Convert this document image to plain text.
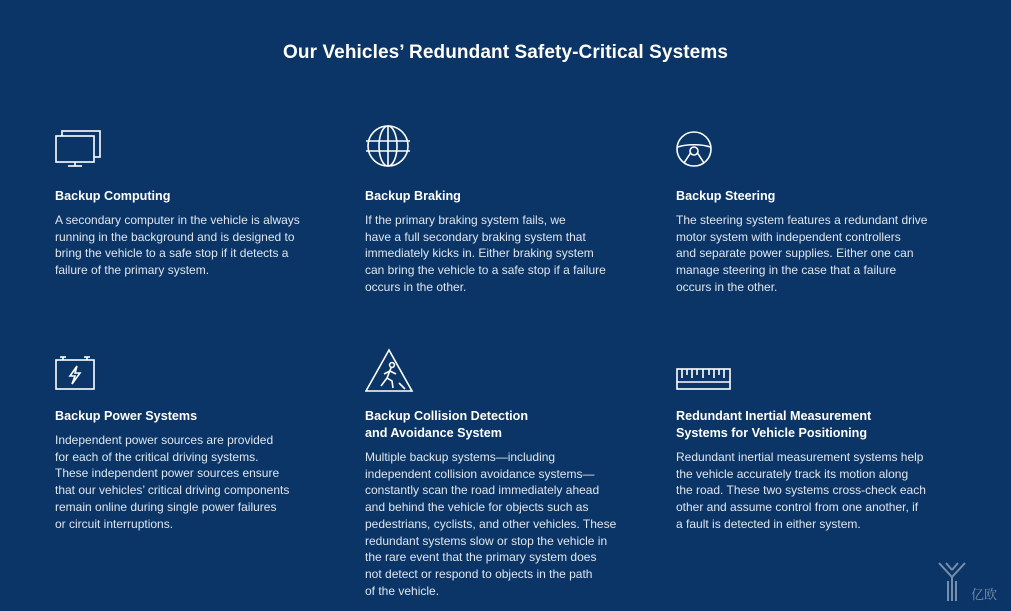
Our Vehicles’ Redundant Safety-Critical Systems
Backup Computing

A secondary computer in the vehicle is always
running in the background and is designed to
bring the vehicle to a safe stop if it detects a
failure of the primary system.

Backup Braking

If the primary braking system fails, we
have a full secondary braking system that
immediately kicks in. Either braking system
can bring the vehicle to a safe stop if a failure
occurs in the other.

Backup Steering

The steering system features a redundant drive
motor system with independent controllers
and separate power supplies. Either one can
manage steering in the case that a failure
occurs in the other.

Backup Power Systems

Independent power sources are provided
for each of the critical driving systems.
These independent power sources ensure
that our vehicles’ critical driving components
remain online during single power failures
or circuit interruptions.

Backup Collision Detection
and Avoidance System

Multiple backup systems—including
independent collision avoidance systems—
constantly scan the road immediately ahead
and behind the vehicle for objects such as
pedestrians, cyclists, and other vehicles. These
redundant systems slow or stop the vehicle in
the rare event that the primary system does
not detect or respond to objects in the path
of the vehicle.

Redundant Inertial Measurement
Systems for Vehicle Positioning

Redundant inertial measurement systems help
the vehicle accurately track its motion along
the road. These two systems cross-check each
other and assume control from one another, if
a fault is detected in either system.

亿欧
